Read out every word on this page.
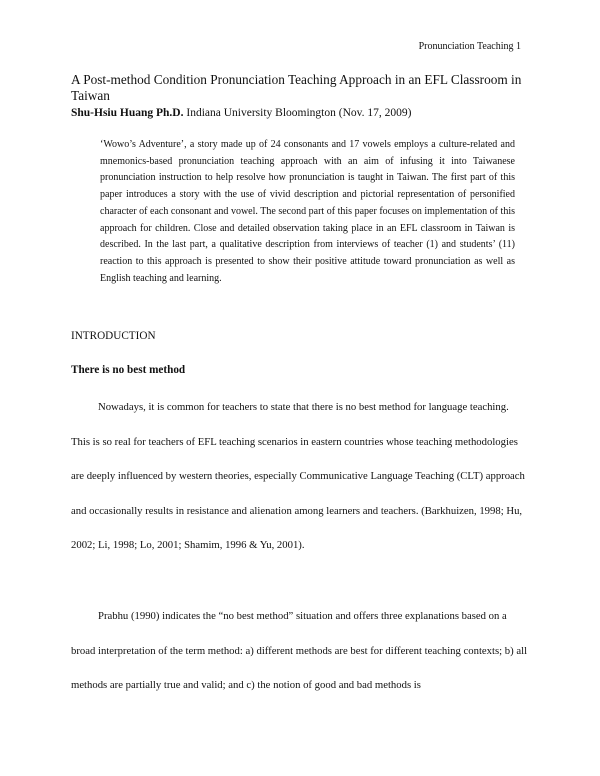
Pronunciation Teaching 1
A Post-method Condition Pronunciation Teaching Approach in an EFL Classroom in Taiwan

Shu-Hsiu Huang Ph.D. Indiana University Bloomington (Nov. 17, 2009)

‘Wowo’s Adventure’, a story made up of 24 consonants and 17 vowels employs a culture-related and mnemonics-based pronunciation teaching approach with an aim of infusing it into Taiwanese pronunciation instruction to help resolve how pronunciation is taught in Taiwan. The first part of this paper introduces a story with the use of vivid description and pictorial representation of personified character of each consonant and vowel. The second part of this paper focuses on implementation of this approach for children. Close and detailed observation taking place in an EFL classroom in Taiwan is described. In the last part, a qualitative description from interviews of teacher (1) and students’ (11) reaction to this approach is presented to show their positive attitude toward pronunciation as well as English teaching and learning.

INTRODUCTION
There is no best method

Nowadays, it is common for teachers to state that there is no best method for language teaching. This is so real for teachers of EFL teaching scenarios in eastern countries whose teaching methodologies are deeply influenced by western theories, especially Communicative Language Teaching (CLT) approach and occasionally results in resistance and alienation among learners and teachers. (Barkhuizen, 1998; Hu, 2002; Li, 1998; Lo, 2001; Shamim, 1996 & Yu, 2001).

Prabhu (1990) indicates the “no best method” situation and offers three explanations based on a broad interpretation of the term method: a) different methods are best for different teaching contexts; b) all methods are partially true and valid; and c) the notion of good and bad methods is
